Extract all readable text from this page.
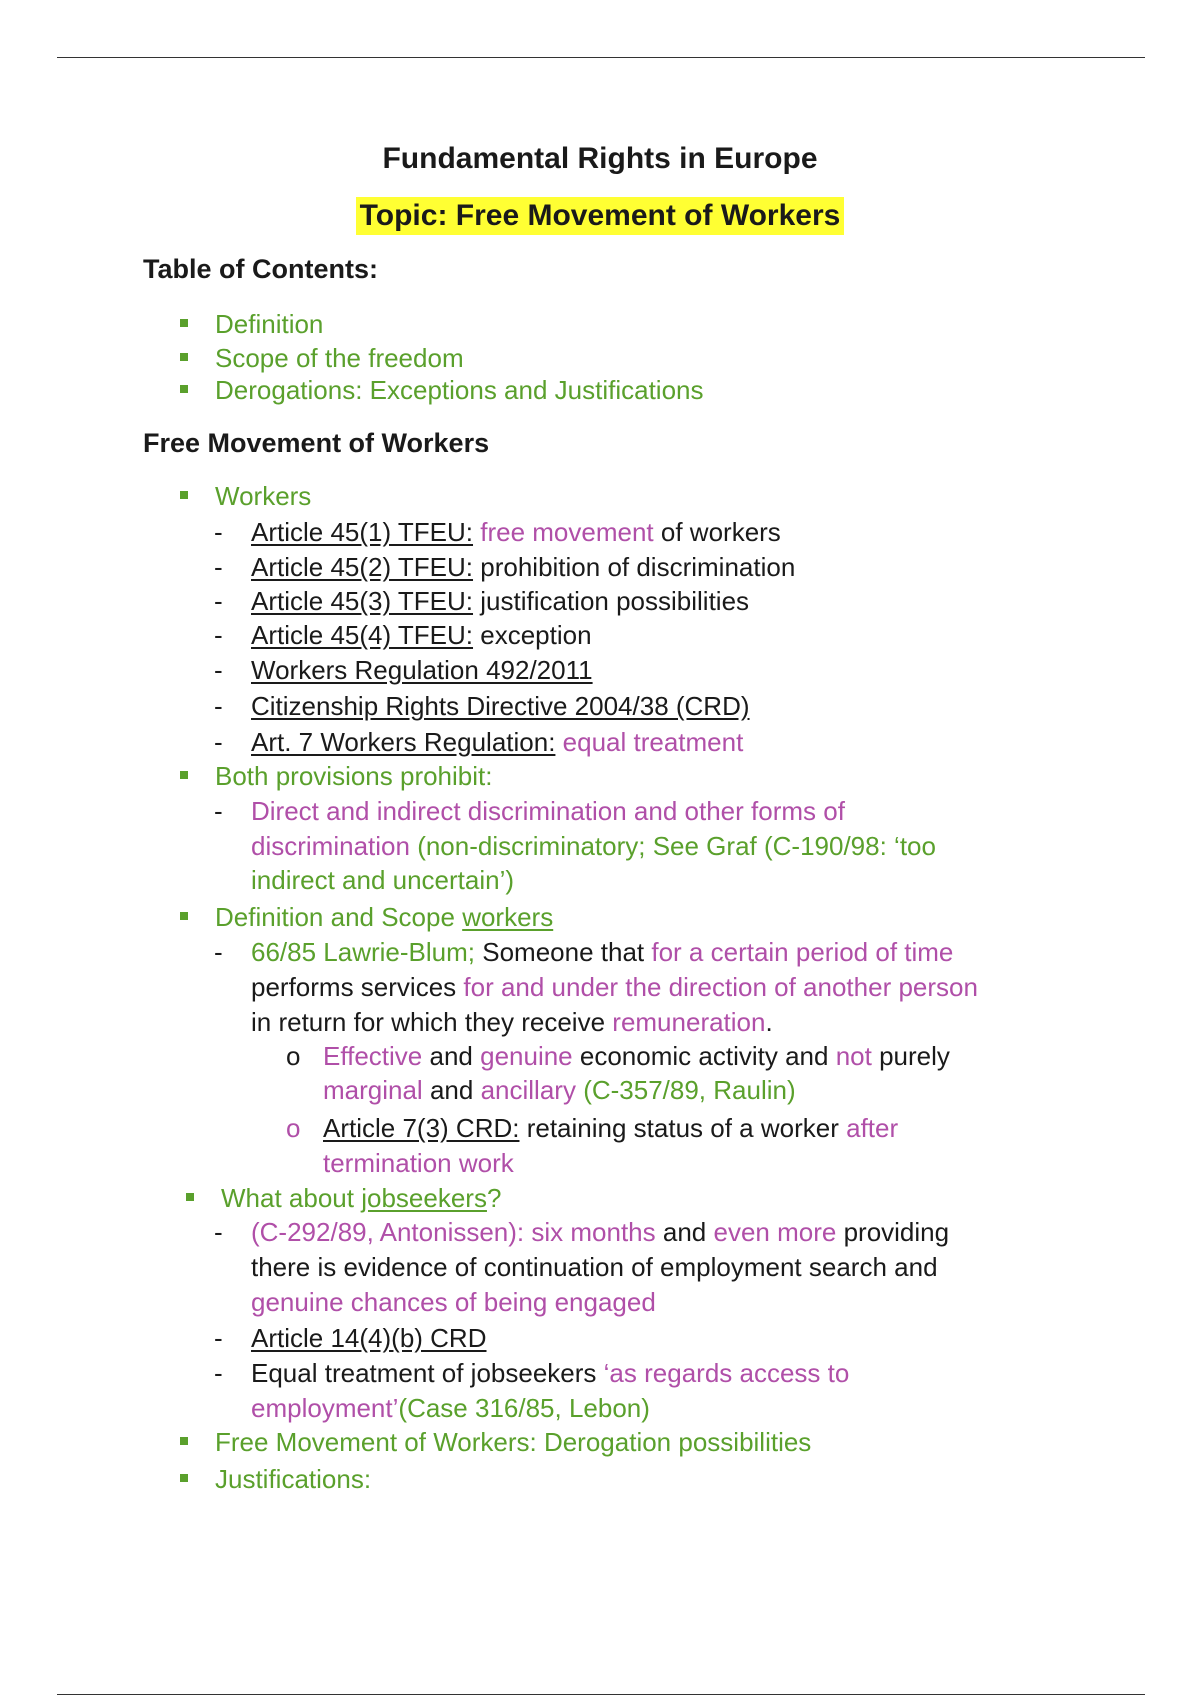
Fundamental Rights in Europe
Topic: Free Movement of Workers
Table of Contents:

Definition

Scope of the freedom

Derogations: Exceptions and Justifications

Free Movement of Workers

Workers

- Article 45(1) TFEU: free movement of workers

- Article 45(2) TFEU: prohibition of discrimination

- Article 45(3) TFEU: justification possibilities

- Article 45(4) TFEU: exception

- Workers Regulation 492/2011

- Citizenship Rights Directive 2004/38 (CRD)

- Art. 7 Workers Regulation: equal treatment

Both provisions prohibit:

- Direct and indirect discrimination and other forms of

discrimination (non-discriminatory; See Graf (C-190/98: ‘too

indirect and uncertain’)

Definition and Scope workers

- 66/85 Lawrie-Blum; Someone that for a certain period of time

performs services for and under the direction of another person

in return for which they receive remuneration.

o Effective and genuine economic activity and not purely

marginal and ancillary (C-357/89, Raulin)

o Article 7(3) CRD: retaining status of a worker after

termination work

What about jobseekers?

- (C-292/89, Antonissen): six months and even more providing

there is evidence of continuation of employment search and

genuine chances of being engaged

- Article 14(4)(b) CRD

- Equal treatment of jobseekers ‘as regards access to

employment’(Case 316/85, Lebon)

Free Movement of Workers: Derogation possibilities

Justifications:
